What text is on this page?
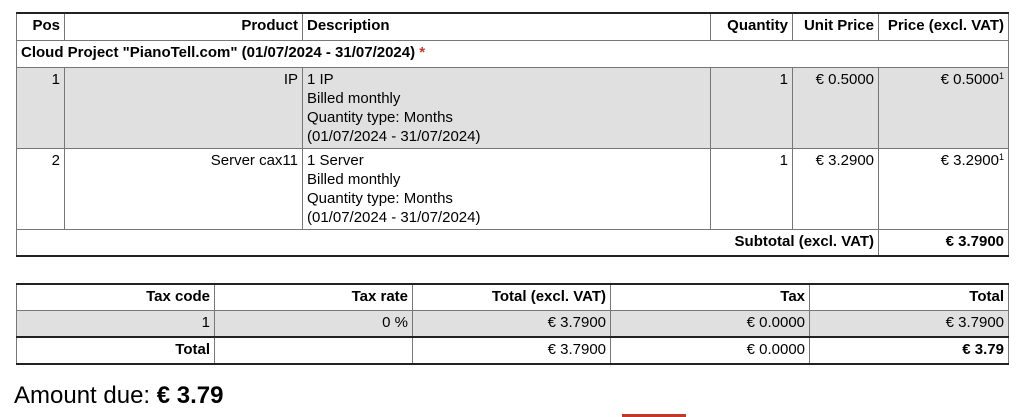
Pos	Product	Description	Quantity	Unit Price	Price (excl. VAT)
Cloud Project "PianoTell.com" (01/07/2024 - 31/07/2024) *					
1	IP	1 IP
Billed monthly
Quantity type: Months
(01/07/2024 - 31/07/2024)	1	€ 0.5000	€ 0.5000$^1$
2	Server cax11	1 Server
Billed monthly
Quantity type: Months
(01/07/2024 - 31/07/2024)	1	€ 3.2900	€ 3.2900$^1$
Subtotal (excl. VAT)					€ 3.7900
Tax code	Tax rate	Total (excl. VAT)	Tax	Total
1	0 %	€ 3.7900	€ 0.0000	€ 3.7900
Total		€ 3.7900	€ 0.0000	€ 3.79
Amount due: € 3.79
